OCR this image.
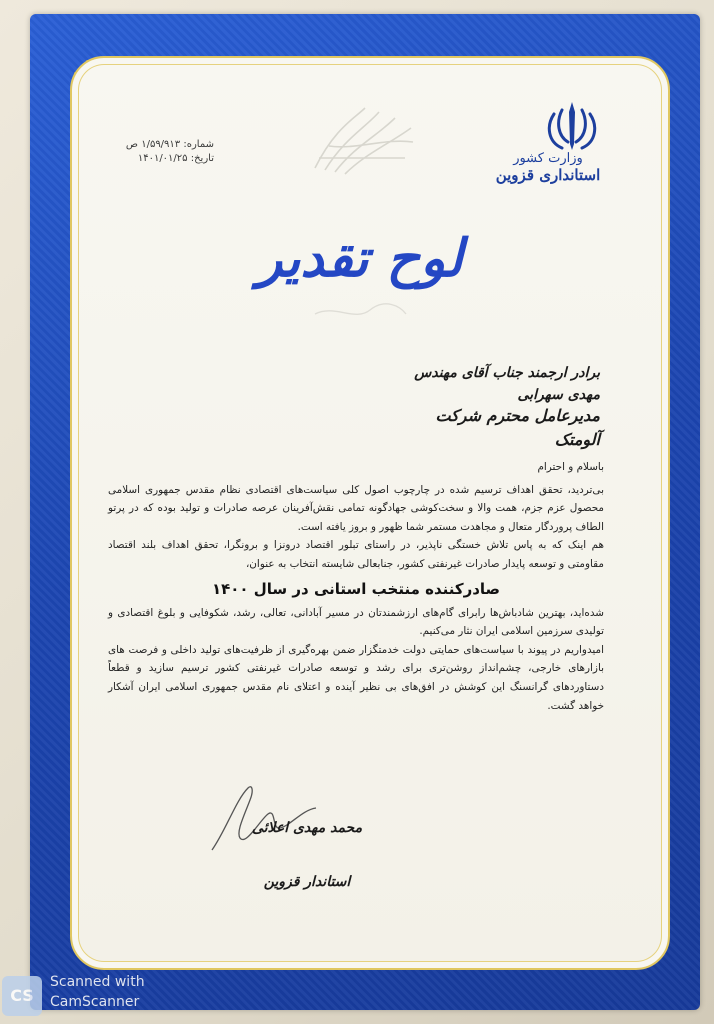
وزارت کشور
استانداری قزوین
شماره: ۱/۵۹/۹۱۳ ص
تاریخ: ۱۴۰۱/۰۱/۲۵
لوح تقدیر
برادر ارجمند جناب آقای مهندس مهدی سهرابی
مدیرعامل محترم شرکت آلومتک

باسلام و احترام

بی‌تردید، تحقق اهداف ترسیم شده در چارچوب اصول کلی سیاست‌های اقتصادی نظام مقدس جمهوری اسلامی محصول عزم جزم، همت والا و سخت‌کوشی جهادگونه تمامی نقش‌آفرینان عرصه صادرات و تولید بوده که در پرتو الطاف پروردگار متعال و مجاهدت مستمر شما ظهور و بروز یافته است.

هم اینک که به پاس تلاش خستگی ناپذیر، در راستای تبلور اقتصاد درونزا و برونگرا، تحقق اهداف بلند اقتصاد مقاومتی و توسعه پایدار صادرات غیرنفتی کشور، جنابعالی شایسته انتخاب به عنوان،

صادرکننده منتخب استانی در سال ۱۴۰۰

شده‌اید، بهترین شادباش‌ها رابرای گام‌های ارزشمندتان در مسیر آبادانی، تعالی، رشد، شکوفایی و بلوغ اقتصادی و تولیدی سرزمین اسلامی ایران نثار می‌کنیم.

امیدواریم در پیوند با سیاست‌های حمایتی دولت خدمتگزار ضمن بهره‌گیری از ظرفیت‌های تولید داخلی و فرصت های بازارهای خارجی، چشم‌انداز روشن‌تری برای رشد و توسعه صادرات غیرنفتی کشور ترسیم سازید و قطعاً دستاوردهای گرانسنگ این کوشش در افق‌های بی نظیر آینده و اعتلای نام مقدس جمهوری اسلامی ایران آشکار خواهد گشت.

محمد مهدی اعلائی
استاندار قزوین
CS
Scanned with
CamScanner
